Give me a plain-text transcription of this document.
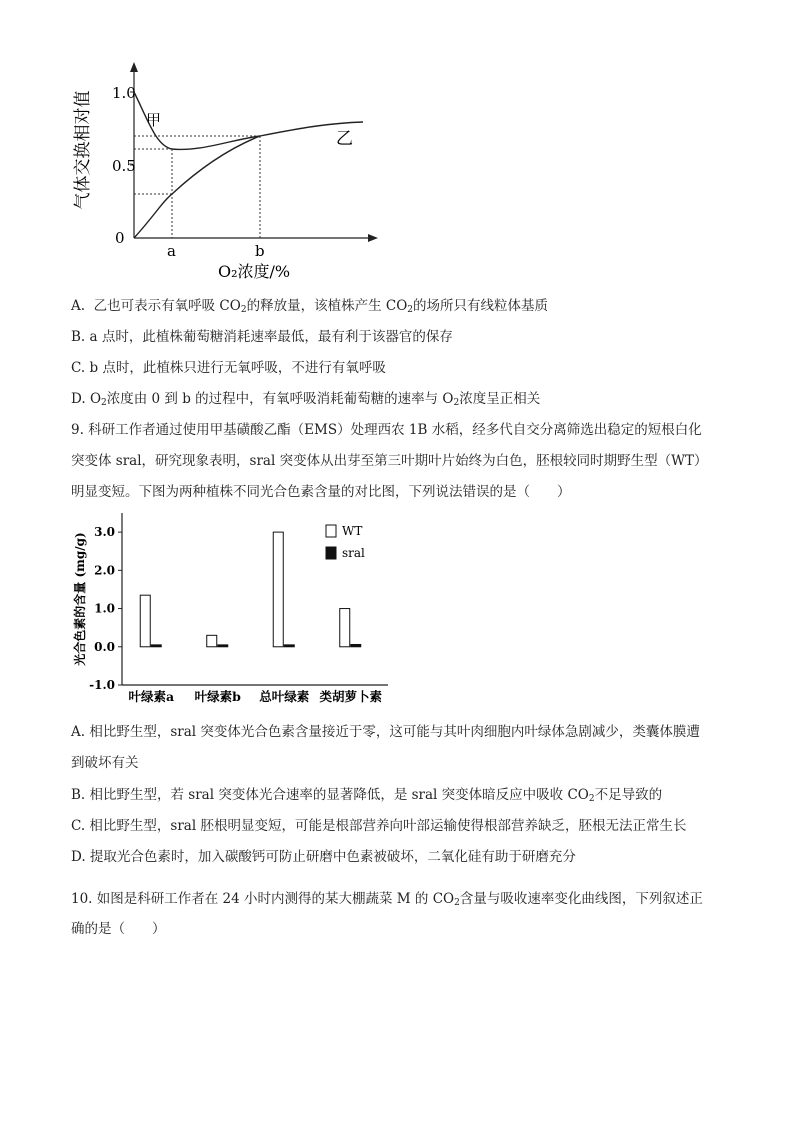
1.0
0.5
0
气体交换相对值	甲
乙
a	b
O₂浓度/%
A. 乙也可表示有氧呼吸 $CO_2$的释放量，该植株产生 $CO_2$的场所只有线粒体基质
B. a 点时，此植株葡萄糖消耗速率最低，最有利于该器官的保存
C. b 点时，此植株只进行无氧呼吸，不进行有氧呼吸
D. $O_2$浓度由 0 到 b 的过程中，有氧呼吸消耗葡萄糖的速率与 $O_2$浓度呈正相关
9. 科研工作者通过使用甲基磺酸乙酯（EMS）处理西农 1B 水稻，经多代自交分离筛选出稳定的短根白化
突变体 sral，研究现象表明，sral 突变体从出芽至第三叶期叶片始终为白色，胚根较同时期野生型（WT）
明显变短。下图为两种植株不同光合色素含量的对比图，下列说法错误的是（　　）
3.0
2.0
1.0
0.0
-1.0
光合色素的含量 (mg/g)
叶绿素a 叶绿素b 总叶绿素 类胡萝卜素
WT
sral
A. 相比野生型，sral 突变体光合色素含量接近于零，这可能与其叶肉细胞内叶绿体急剧减少，类囊体膜遭
到破坏有关
B. 相比野生型，若 sral 突变体光合速率的显著降低，是 sral 突变体暗反应中吸收 $CO_2$不足导致的
C. 相比野生型，sral 胚根明显变短，可能是根部营养向叶部运输使得根部营养缺乏，胚根无法正常生长
D. 提取光合色素时，加入碳酸钙可防止研磨中色素被破坏，二氧化硅有助于研磨充分
10. 如图是科研工作者在 24 小时内测得的某大棚蔬菜 M 的 $CO_2$含量与吸收速率变化曲线图，下列叙述正
确的是（　　）
